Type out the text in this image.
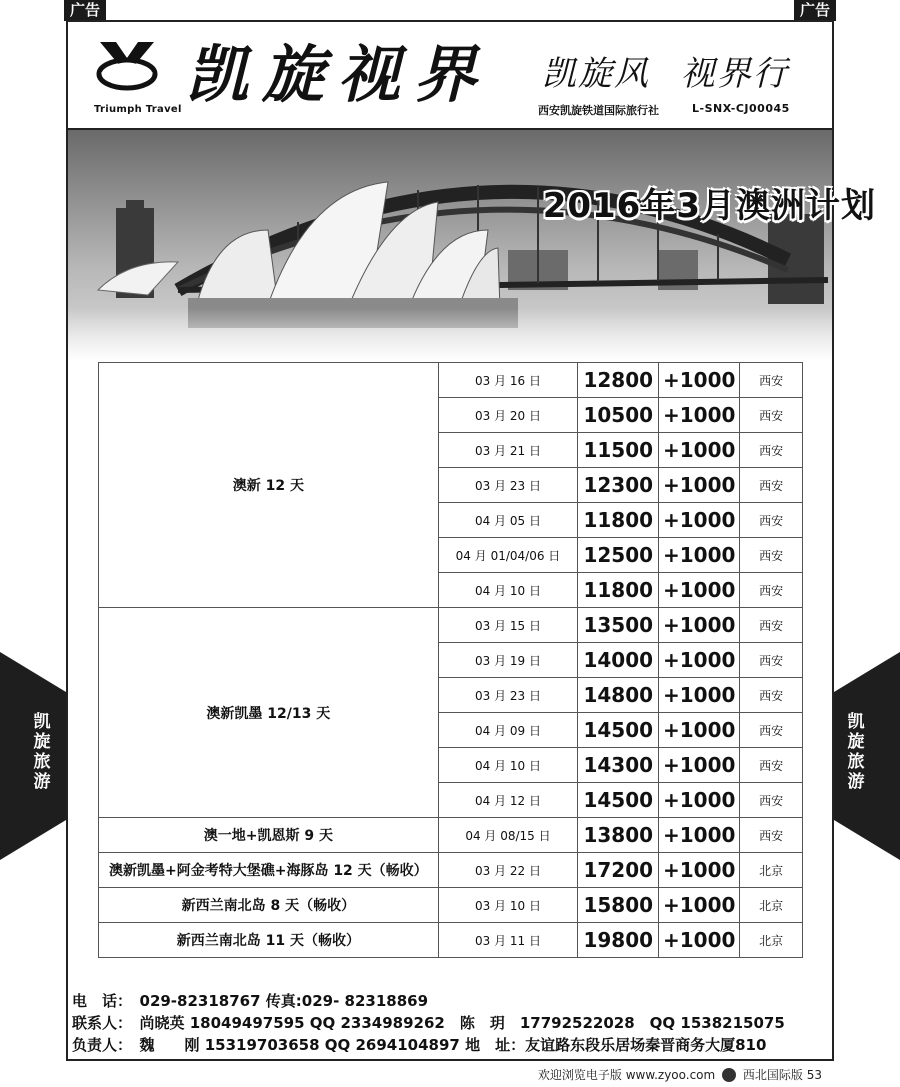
广告	广告
Triumph Travel 凯旋视界 凯旋风 视界行
西安凯旋铁道国际旅行社	L-SNX-CJ00045
2016年3月澳洲计划
澳新 12 天	03 月 16 日	12800	+1000	西安
	03 月 20 日	10500	+1000	西安
	03 月 21 日	11500	+1000	西安
	03 月 23 日	12300	+1000	西安
	04 月 05 日	11800	+1000	西安
	04 月 01/04/06 日	12500	+1000	西安
	04 月 10 日	11800	+1000	西安
澳新凯墨 12/13 天	03 月 15 日	13500	+1000	西安
	03 月 19 日	14000	+1000	西安
	03 月 23 日	14800	+1000	西安
	04 月 09 日	14500	+1000	西安
	04 月 10 日	14300	+1000	西安
	04 月 12 日	14500	+1000	西安
澳一地+凯恩斯 9 天	04 月 08/15 日	13800	+1000	西安
澳新凯墨+阿金考特大堡礁+海豚岛 12 天（畅收）	03 月 22 日	17200	+1000	北京
新西兰南北岛 8 天（畅收）	03 月 10 日	15800	+1000	北京
新西兰南北岛 11 天（畅收）	03 月 11 日	19800	+1000	北京
电　话：　029-82318767 传真:029- 82318869
联系人：　尚晓英 18049497595 QQ 2334989262　陈　玥　17792522028　QQ 1538215075
负责人：　魏　　刚 15319703658 QQ 2694104897 地　址：友谊路东段乐居场秦晋商务大厦810
欢迎浏览电子版 www.zyoo.com 西北国际版 53
凯
旋
旅
游
凯
旋
旅
游
